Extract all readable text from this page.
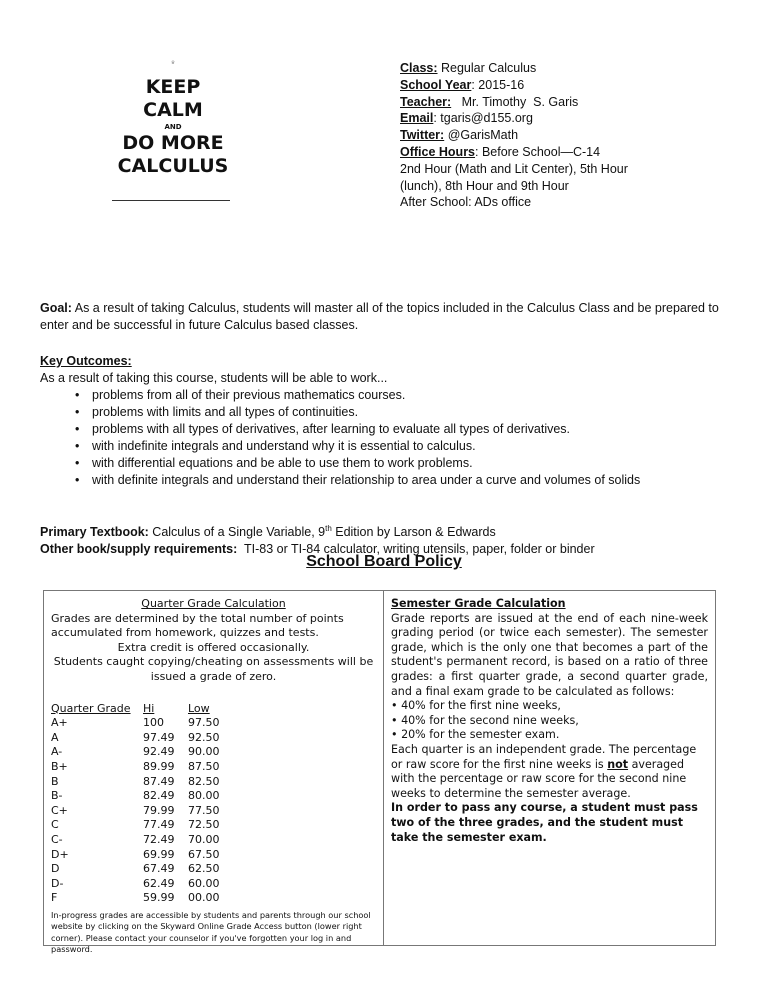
♛
KEEP
CALM
AND
DO MORE
CALCULUS
Class: Regular Calculus
School Year: 2015-16
Teacher:   Mr. Timothy  S. Garis
Email: tgaris@d155.org
Twitter: @GarisMath
Office Hours: Before School—C-14
2nd Hour (Math and Lit Center), 5th Hour
(lunch), 8th Hour and 9th Hour
After School: ADs office
Goal: As a result of taking Calculus, students will master all of the topics included in the Calculus Class and be prepared to enter and be successful in future Calculus based classes.
Key Outcomes:
As a result of taking this course, students will be able to work...
• problems from all of their previous mathematics courses.
• problems with limits and all types of continuities.
• problems with all types of derivatives, after learning to evaluate all types of derivatives.
• with indefinite integrals and understand why it is essential to calculus.
• with differential equations and be able to use them to work problems.
• with definite integrals and understand their relationship to area under a curve and volumes of solids
Primary Textbook: Calculus of a Single Variable, 9th Edition by Larson & Edwards
Other book/supply requirements:  TI-83 or TI-84 calculator, writing utensils, paper, folder or binder
School Board Policy
Quarter Grade Calculation
Grades are determined by the total number of points accumulated from homework, quizzes and tests.
Extra credit is offered occasionally.
Students caught copying/cheating on assessments will be issued a grade of zero.
Quarter Grade	Hi	Low
A+	100	97.50
A	97.49	92.50
A-	92.49	90.00
B+	89.99	87.50
B	87.49	82.50
B-	82.49	80.00
C+	79.99	77.50
C	77.49	72.50
C-	72.49	70.00
D+	69.99	67.50
D	67.49	62.50
D-	62.49	60.00
F	59.99	00.00
In-progress grades are accessible by students and parents through our school website by clicking on the Skyward Online Grade Access button (lower right corner). Please contact your counselor if you've forgotten your log in and password.
Semester Grade Calculation
Grade reports are issued at the end of each nine-week grading period (or twice each semester). The semester grade, which is the only one that becomes a part of the student's permanent record, is based on a ratio of three grades: a first quarter grade, a second quarter grade, and a final exam grade to be calculated as follows:
• 40% for the first nine weeks,
• 40% for the second nine weeks,
• 20% for the semester exam.
Each quarter is an independent grade. The percentage or raw score for the first nine weeks is not averaged with the percentage or raw score for the second nine weeks to determine the semester average.
In order to pass any course, a student must pass two of the three grades, and the student must take the semester exam.
